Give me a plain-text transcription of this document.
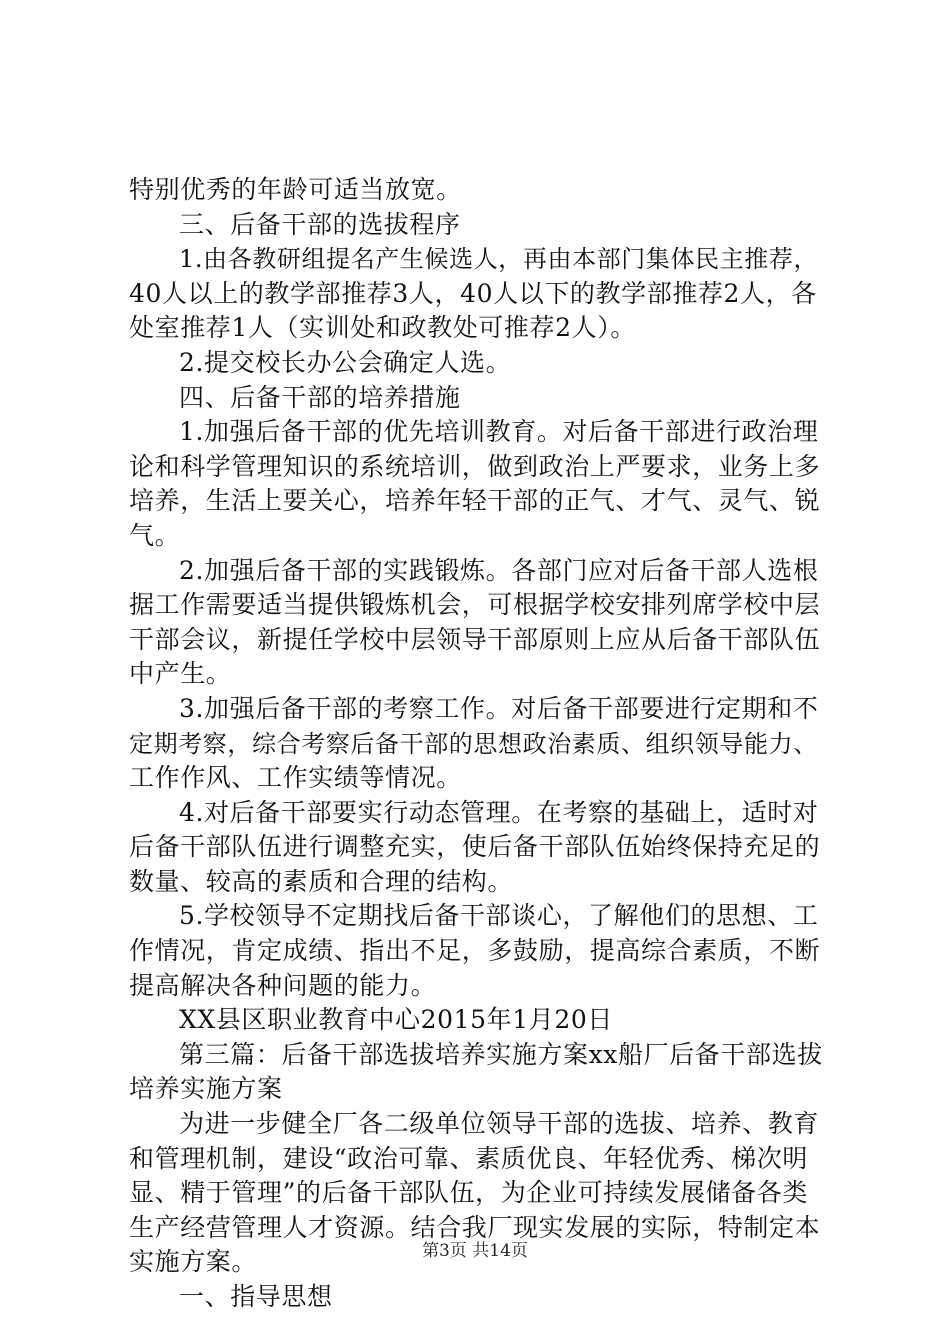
特别优秀的年龄可适当放宽。
三、后备干部的选拔程序
1.由各教研组提名产生候选人，再由本部门集体民主推荐，
40人以上的教学部推荐3人，40人以下的教学部推荐2人，各
处室推荐1人（实训处和政教处可推荐2人）。
2.提交校长办公会确定人选。
四、后备干部的培养措施
1.加强后备干部的优先培训教育。对后备干部进行政治理
论和科学管理知识的系统培训，做到政治上严要求，业务上多
培养，生活上要关心，培养年轻干部的正气、才气、灵气、锐
气。
2.加强后备干部的实践锻炼。各部门应对后备干部人选根
据工作需要适当提供锻炼机会，可根据学校安排列席学校中层
干部会议，新提任学校中层领导干部原则上应从后备干部队伍
中产生。
3.加强后备干部的考察工作。对后备干部要进行定期和不
定期考察，综合考察后备干部的思想政治素质、组织领导能力、
工作作风、工作实绩等情况。
4.对后备干部要实行动态管理。在考察的基础上，适时对
后备干部队伍进行调整充实，使后备干部队伍始终保持充足的
数量、较高的素质和合理的结构。
5.学校领导不定期找后备干部谈心，了解他们的思想、工
作情况，肯定成绩、指出不足，多鼓励，提高综合素质，不断
提高解决各种问题的能力。
XX县区职业教育中心2015年1月20日
第三篇：后备干部选拔培养实施方案xx船厂后备干部选拔
培养实施方案
为进一步健全厂各二级单位领导干部的选拔、培养、教育
和管理机制，建设“政治可靠、素质优良、年轻优秀、梯次明
显、精于管理”的后备干部队伍，为企业可持续发展储备各类
生产经营管理人才资源。结合我厂现实发展的实际，特制定本
实施方案。
一、指导思想
第3页 共14页
